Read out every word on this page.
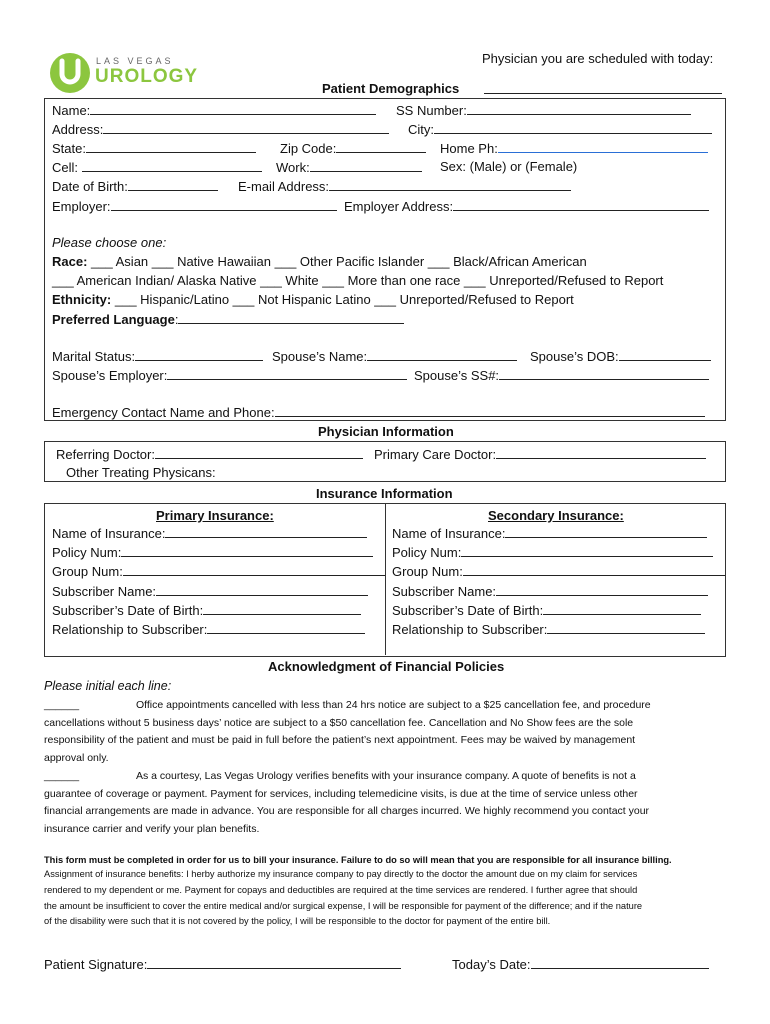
LAS VEGAS
UROLOGY
Physician you are scheduled with today:
Patient Demographics
Name:	SS Number:
Address:	City:
State:	Zip Code:	Home Ph:
Cell:	Work:	Sex: (Male) or (Female)
Date of Birth:	E-mail Address:
Employer:	Employer Address:
Please choose one:
Race: ___ Asian ___ Native Hawaiian ___ Other Pacific Islander ___ Black/African American
___ American Indian/ Alaska Native ___ White ___ More than one race ___ Unreported/Refused to Report
Ethnicity: ___ Hispanic/Latino ___ Not Hispanic Latino ___ Unreported/Refused to Report
Preferred Language:
Marital Status:	Spouse’s Name:	Spouse’s DOB:
Spouse’s Employer:	Spouse’s SS#:
Emergency Contact Name and Phone:
Physician Information
Referring Doctor:	Primary Care Doctor:
Other Treating Physicans:
Insurance Information
Primary Insurance:
Name of Insurance:
Policy Num:
Group Num:
Subscriber Name:
Subscriber’s Date of Birth:
Relationship to Subscriber:
Secondary Insurance:
Name of Insurance:
Policy Num:
Group Num:
Subscriber Name:
Subscriber’s Date of Birth:
Relationship to Subscriber:
Acknowledgment of Financial Policies
Please initial each line:
______	Office appointments cancelled with less than 24 hrs notice are subject to a $25 cancellation fee, and procedure
cancellations without 5 business days’ notice are subject to a $50 cancellation fee. Cancellation and No Show fees are the sole
responsibility of the patient and must be paid in full before the patient’s next appointment. Fees may be waived by management
approval only.
______	As a courtesy, Las Vegas Urology verifies benefits with your insurance company. A quote of benefits is not a
guarantee of coverage or payment. Payment for services, including telemedicine visits, is due at the time of service unless other
financial arrangements are made in advance. You are responsible for all charges incurred. We highly recommend you contact your
insurance carrier and verify your plan benefits.
This form must be completed in order for us to bill your insurance. Failure to do so will mean that you are responsible for all insurance billing.
Assignment of insurance benefits: I herby authorize my insurance company to pay directly to the doctor the amount due on my claim for services
rendered to my dependent or me. Payment for copays and deductibles are required at the time services are rendered. I further agree that should
the amount be insufficient to cover the entire medical and/or surgical expense, I will be responsible for payment of the difference; and if the nature
of the disability were such that it is not covered by the policy, I will be responsible to the doctor for payment of the entire bill.
Patient Signature:	Today’s Date:
